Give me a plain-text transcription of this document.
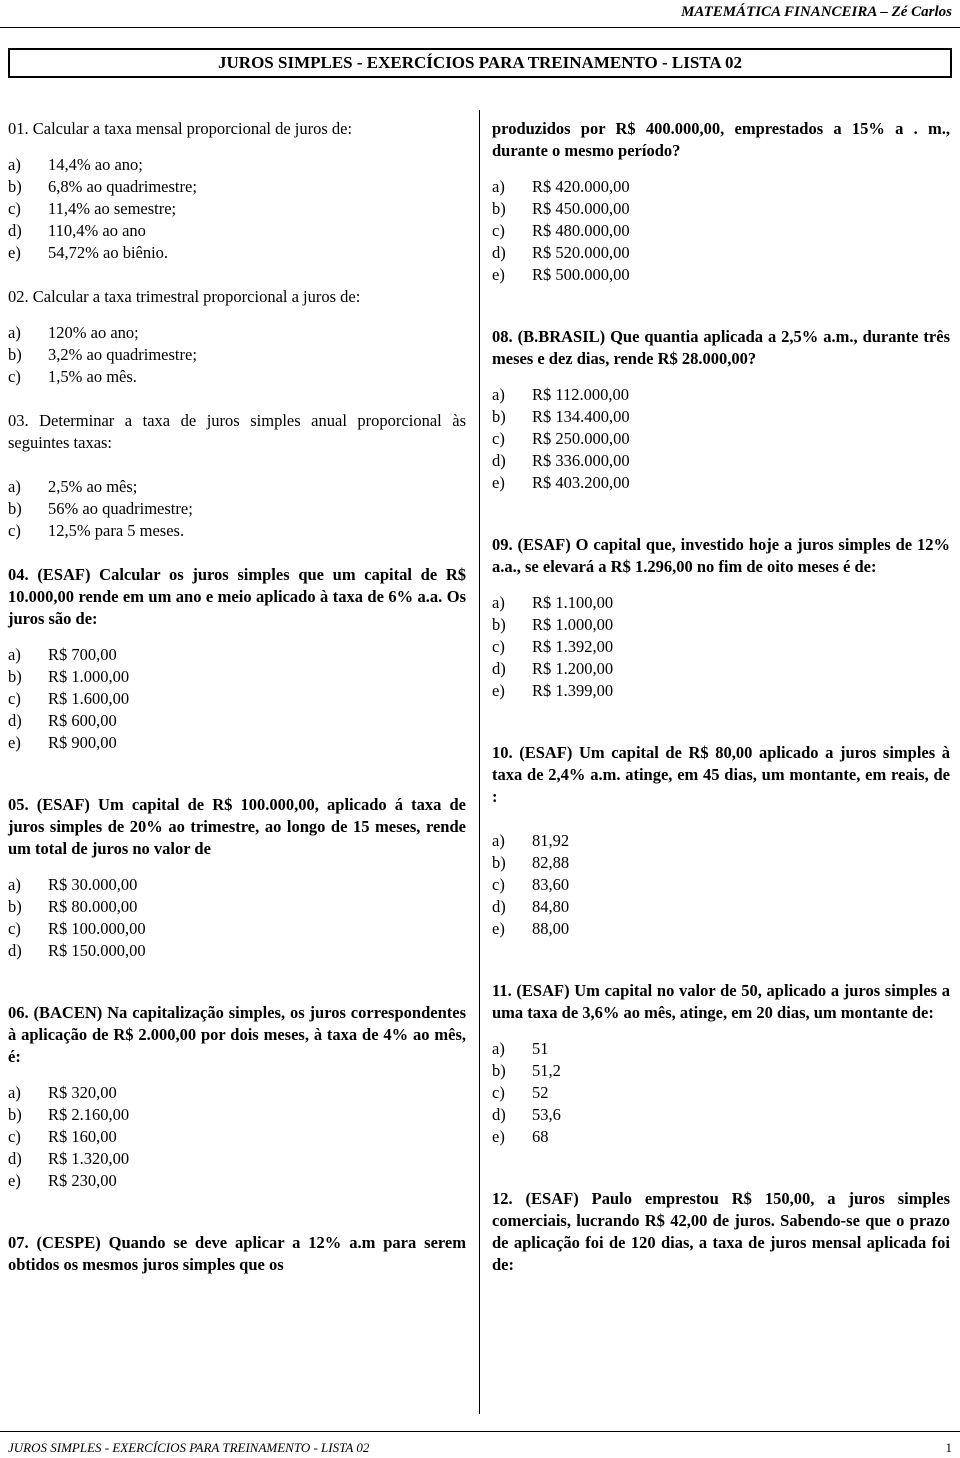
MATEMÁTICA FINANCEIRA – Zé Carlos
JUROS SIMPLES - EXERCÍCIOS PARA TREINAMENTO - LISTA 02

01. Calcular a taxa mensal proporcional de juros de:

a)	14,4% ao ano;
b)	6,8% ao quadrimestre;
c)	11,4% ao semestre;
d)	110,4% ao ano
e)	54,72% ao biênio.

02. Calcular a taxa trimestral proporcional a juros de:

a)	120% ao ano;
b)	3,2% ao quadrimestre;
c)	1,5% ao mês.

03. Determinar a taxa de juros simples anual proporcional às seguintes taxas:

a)	2,5% ao mês;
b)	56% ao quadrimestre;
c)	12,5% para 5 meses.

04. (ESAF) Calcular os juros simples que um capital de R$ 10.000,00 rende em um ano e meio aplicado à taxa de 6% a.a. Os juros são de:

a)	R$ 700,00
b)	R$ 1.000,00
c)	R$ 1.600,00
d)	R$ 600,00
e)	R$ 900,00

05. (ESAF) Um capital de R$ 100.000,00, aplicado á taxa de juros simples de 20% ao trimestre, ao longo de 15 meses, rende um total de juros no valor de

a)	R$ 30.000,00
b)	R$ 80.000,00
c)	R$ 100.000,00
d)	R$ 150.000,00

06. (BACEN) Na capitalização simples, os juros correspondentes à aplicação de R$ 2.000,00 por dois meses, à taxa de 4% ao mês, é:

a)	R$ 320,00
b)	R$ 2.160,00
c)	R$ 160,00
d)	R$ 1.320,00
e)	R$ 230,00

07. (CESPE) Quando se deve aplicar a 12% a.m para serem obtidos os mesmos juros simples que os

produzidos por R$ 400.000,00, emprestados a 15% a . m., durante o mesmo período?

a)	R$ 420.000,00
b)	R$ 450.000,00
c)	R$ 480.000,00
d)	R$ 520.000,00
e)	R$ 500.000,00

08. (B.BRASIL) Que quantia aplicada a 2,5% a.m., durante três meses e dez dias, rende R$ 28.000,00?

a)	R$ 112.000,00
b)	R$ 134.400,00
c)	R$ 250.000,00
d)	R$ 336.000,00
e)	R$ 403.200,00

09. (ESAF) O capital que, investido hoje a juros simples de 12% a.a., se elevará a R$ 1.296,00 no fim de oito meses é de:

a)	R$ 1.100,00
b)	R$ 1.000,00
c)	R$ 1.392,00
d)	R$ 1.200,00
e)	R$ 1.399,00

10. (ESAF) Um capital de R$ 80,00 aplicado a juros simples à taxa de 2,4% a.m. atinge, em 45 dias, um montante, em reais, de :

a)	81,92
b)	82,88
c)	83,60
d)	84,80
e)	88,00

11. (ESAF) Um capital no valor de 50, aplicado a juros simples a uma taxa de 3,6% ao mês, atinge, em 20 dias, um montante de:

a)	51
b)	51,2
c)	52
d)	53,6
e)	68

12. (ESAF) Paulo emprestou R$ 150,00, a juros simples comerciais, lucrando R$ 42,00 de juros. Sabendo-se que o prazo de aplicação foi de 120 dias, a taxa de juros mensal aplicada foi de:

JUROS SIMPLES - EXERCÍCIOS PARA TREINAMENTO - LISTA 02	1
